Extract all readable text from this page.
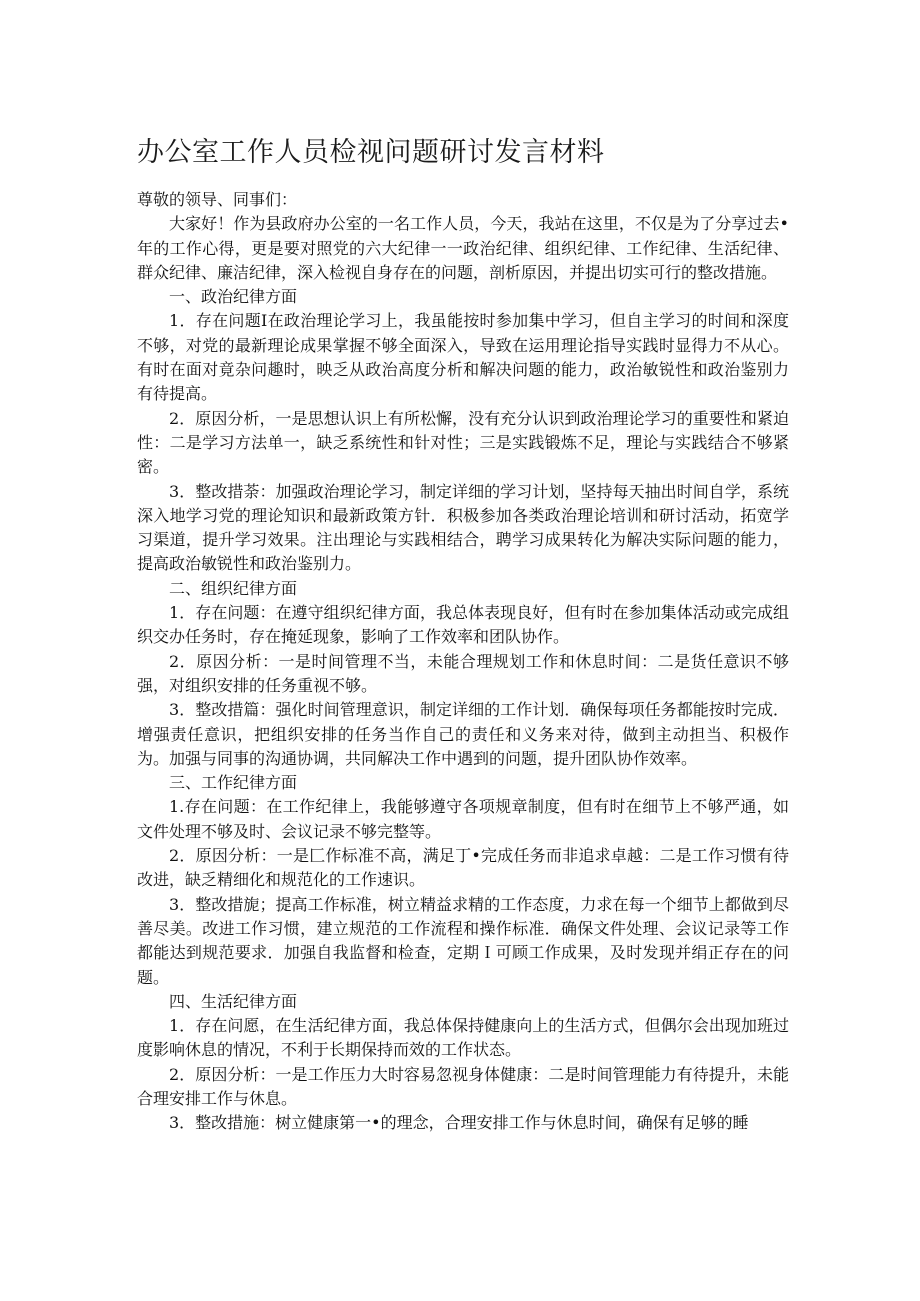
办公室工作人员检视问题研讨发言材料

尊敬的领导、同事们：

大家好！作为县政府办公室的一名工作人员，今天，我站在这里，不仅是为了分享过去•年的工作心得，更是要对照党的六大纪律一一政治纪律、组织纪律、工作纪律、生活纪律、群众纪律、廉洁纪律，深入检视自身存在的问题，剖析原因，并提出切实可行的整改措施。

一、政治纪律方面

1．存在问题Ⅰ在政治理论学习上，我虽能按时参加集中学习，但自主学习的时间和深度不够，对党的最新理论成果掌握不够全面深入，导致在运用理论指导实践时显得力不从心。有时在面对竟杂问趣时，映乏从政治高度分析和解决问题的能力，政治敏锐性和政治鉴别力有待提高。

2．原因分析，一是思想认识上有所松懈，没有充分认识到政治理论学习的重要性和紧迫性：二是学习方法单一，缺乏系统性和针对性；三是实践锻炼不足，理论与实践结合不够紧密。

3．整改措荼：加强政治理论学习，制定详细的学习计划，坚持每天抽出时间自学，系统深入地学习党的理论知识和最新政策方针．积极参加各类政治理论培训和研讨活动，拓宽学习渠道，提升学习效果。注出理论与实践相结合，聘学习成果转化为解决实际问题的能力，提高政治敏锐性和政治鉴别力。

二、组织纪律方面

1．存在问题：在遵守组织纪律方面，我总体表现良好，但有时在参加集体活动或完成组织交办任务时，存在掩延现象，影响了工作效率和团队协作。

2．原因分析：一是时间管理不当，未能合理规划工作和休息时间：二是货任意识不够强，对组织安排的任务重视不够。

3．整改措篇：强化时间管理意识，制定详细的工作计划．确保每项任务都能按时完成．增强责任意识，把组织安排的任务当作自己的责任和义务来对待，做到主动担当、积极作为。加强与同事的沟通协调，共同解决工作中遇到的问题，提升团队协作效率。

三、工作纪律方面

1.存在问题：在工作纪律上，我能够遵守各项规章制度，但有时在细节上不够严通，如文件处理不够及时、会议记录不够完整等。

2．原因分析：一是匚作标准不高，满足丁•完成任务而非追求卓越：二是工作习惯有待改进，缺乏精细化和规范化的工作速识。

3．整改措旎；提高工作标准，树立精益求精的工作态度，力求在每一个细节上都做到尽善尽美。改进工作习惯，建立规范的工作流程和操作标准．确保文件处理、会议记录等工作都能达到规范要求．加强自我监督和检查，定期Ｉ可顾工作成果，及时发现并绢正存在的问题。

四、生活纪律方面

1．存在问愿，在生活纪律方面，我总体保持健康向上的生活方式，但偶尔会出现加班过度影响休息的情况，不利于长期保持而效的工作状态。

2．原因分析：一是工作压力大时容易忽视身体健康：二是时间管理能力有待提升，未能合理安排工作与休息。

3．整改措施：树立健康第一•的理念，合理安排工作与休息时间，确保有足够的睡
